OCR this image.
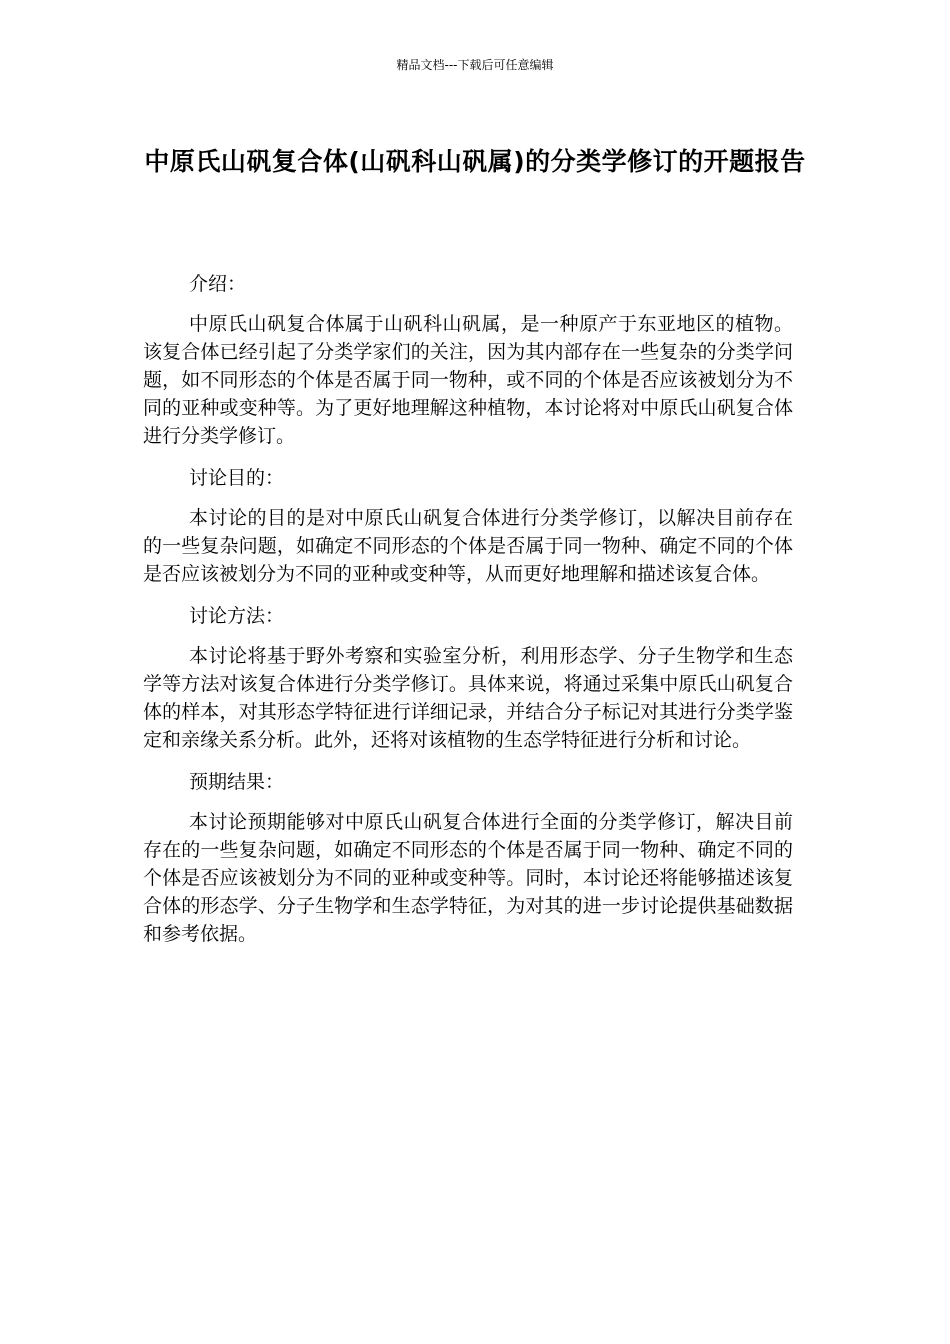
精品文档---下载后可任意编辑
中原氏山矾复合体(山矾科山矾属)的分类学修订的开题报告

介绍：

中原氏山矾复合体属于山矾科山矾属，是一种原产于东亚地区的植物。该复合体已经引起了分类学家们的关注，因为其内部存在一些复杂的分类学问题，如不同形态的个体是否属于同一物种，或不同的个体是否应该被划分为不同的亚种或变种等。为了更好地理解这种植物，本讨论将对中原氏山矾复合体进行分类学修订。

讨论目的：

本讨论的目的是对中原氏山矾复合体进行分类学修订，以解决目前存在的一些复杂问题，如确定不同形态的个体是否属于同一物种、确定不同的个体是否应该被划分为不同的亚种或变种等，从而更好地理解和描述该复合体。

讨论方法：

本讨论将基于野外考察和实验室分析，利用形态学、分子生物学和生态学等方法对该复合体进行分类学修订。具体来说，将通过采集中原氏山矾复合体的样本，对其形态学特征进行详细记录，并结合分子标记对其进行分类学鉴定和亲缘关系分析。此外，还将对该植物的生态学特征进行分析和讨论。

预期结果：

本讨论预期能够对中原氏山矾复合体进行全面的分类学修订，解决目前存在的一些复杂问题，如确定不同形态的个体是否属于同一物种、确定不同的个体是否应该被划分为不同的亚种或变种等。同时，本讨论还将能够描述该复合体的形态学、分子生物学和生态学特征，为对其的进一步讨论提供基础数据和参考依据。
